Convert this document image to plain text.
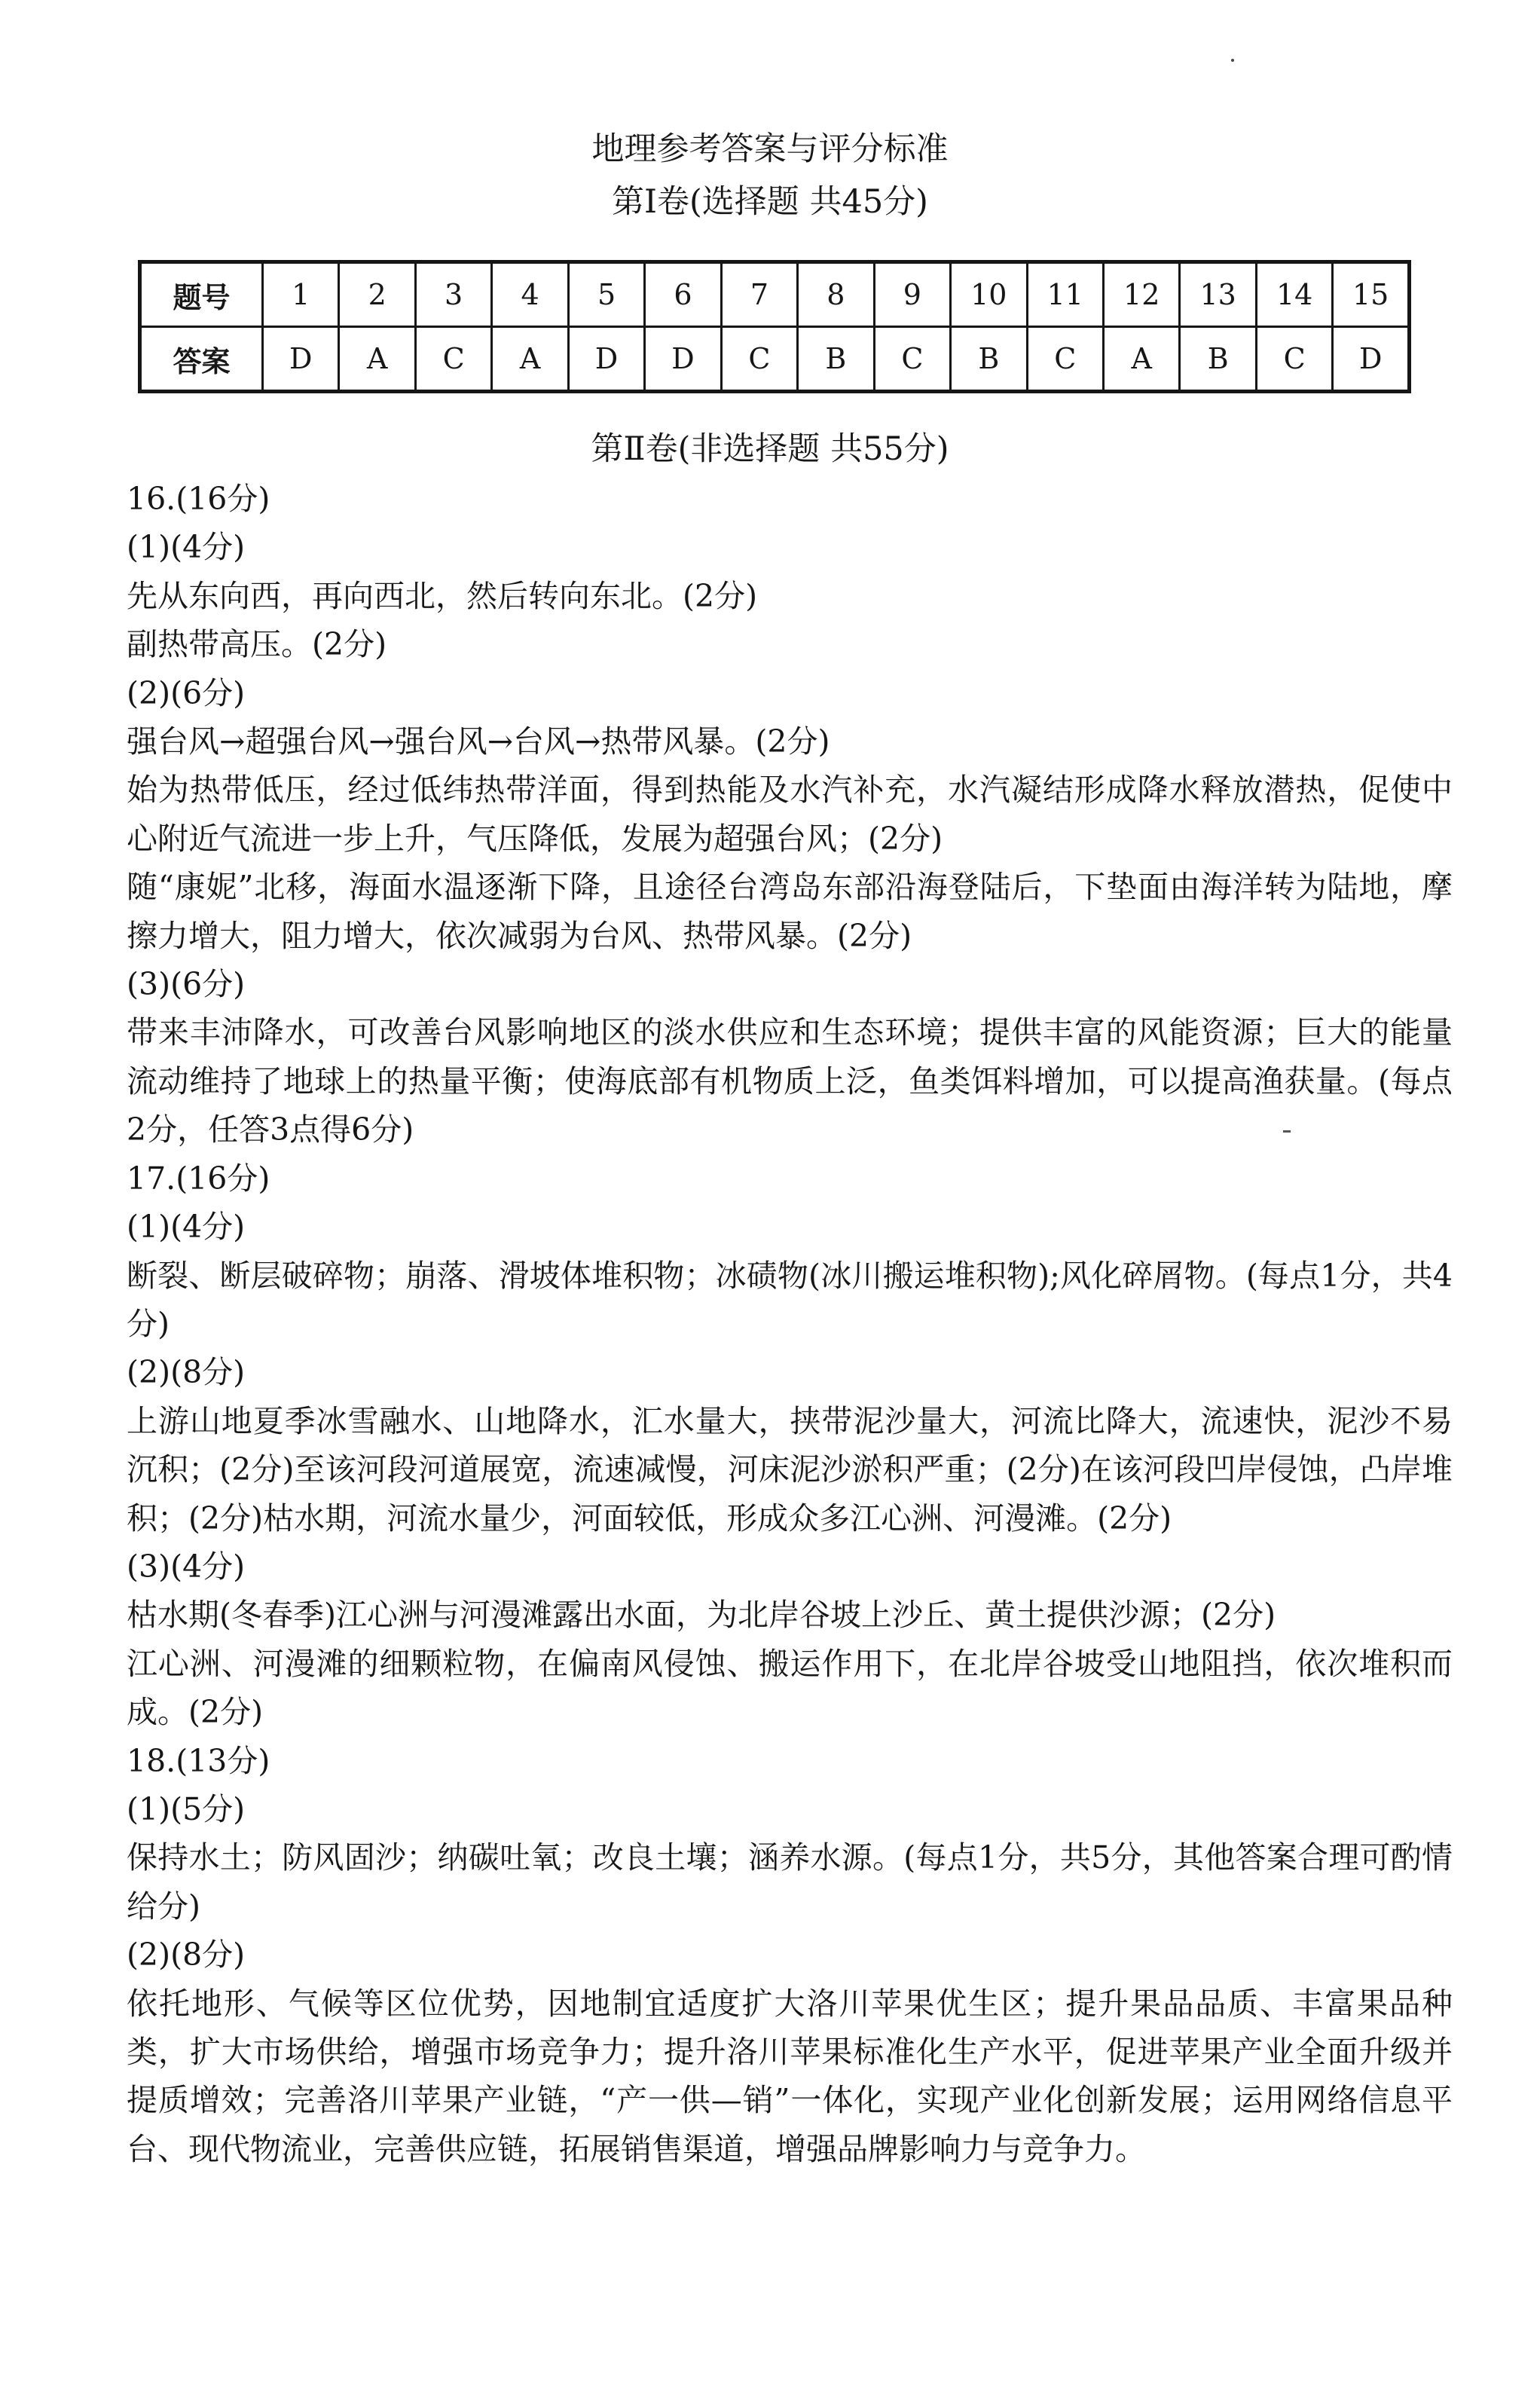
地理参考答案与评分标准
第Ⅰ卷(选择题 共45分)
题号	1	2	3	4	5	6	7	8	9	10	11	12	13	14	15
答案	D	A	C	A	D	D	C	B	C	B	C	A	B	C	D
第Ⅱ卷(非选择题 共55分)

16.(16分)

(1)(4分)

先从东向西，再向西北，然后转向东北。(2分)

副热带高压。(2分)

(2)(6分)

强台风→超强台风→强台风→台风→热带风暴。(2分)

始为热带低压，经过低纬热带洋面，得到热能及水汽补充，水汽凝结形成降水释放潜热，促使中心附近气流进一步上升，气压降低，发展为超强台风；(2分)

随“康妮”北移，海面水温逐渐下降，且途径台湾岛东部沿海登陆后，下垫面由海洋转为陆地，摩擦力增大，阻力增大，依次减弱为台风、热带风暴。(2分)

(3)(6分)

带来丰沛降水，可改善台风影响地区的淡水供应和生态环境；提供丰富的风能资源；巨大的能量流动维持了地球上的热量平衡；使海底部有机物质上泛，鱼类饵料增加，可以提高渔获量。(每点2分，任答3点得6分)

17.(16分)

(1)(4分)

断裂、断层破碎物；崩落、滑坡体堆积物；冰碛物(冰川搬运堆积物);风化碎屑物。(每点1分，共4分)

(2)(8分)

上游山地夏季冰雪融水、山地降水，汇水量大，挟带泥沙量大，河流比降大，流速快，泥沙不易沉积；(2分)至该河段河道展宽，流速减慢，河床泥沙淤积严重；(2分)在该河段凹岸侵蚀，凸岸堆积；(2分)枯水期，河流水量少，河面较低，形成众多江心洲、河漫滩。(2分)

(3)(4分)

枯水期(冬春季)江心洲与河漫滩露出水面，为北岸谷坡上沙丘、黄土提供沙源；(2分)

江心洲、河漫滩的细颗粒物，在偏南风侵蚀、搬运作用下，在北岸谷坡受山地阻挡，依次堆积而成。(2分)

18.(13分)

(1)(5分)

保持水土；防风固沙；纳碳吐氧；改良土壤；涵养水源。(每点1分，共5分，其他答案合理可酌情给分)

(2)(8分)

依托地形、气候等区位优势，因地制宜适度扩大洛川苹果优生区；提升果品品质、丰富果品种类，扩大市场供给，增强市场竞争力；提升洛川苹果标准化生产水平，促进苹果产业全面升级并提质增效；完善洛川苹果产业链，“产一供—销”一体化，实现产业化创新发展；运用网络信息平台、现代物流业，完善供应链，拓展销售渠道，增强品牌影响力与竞争力。
